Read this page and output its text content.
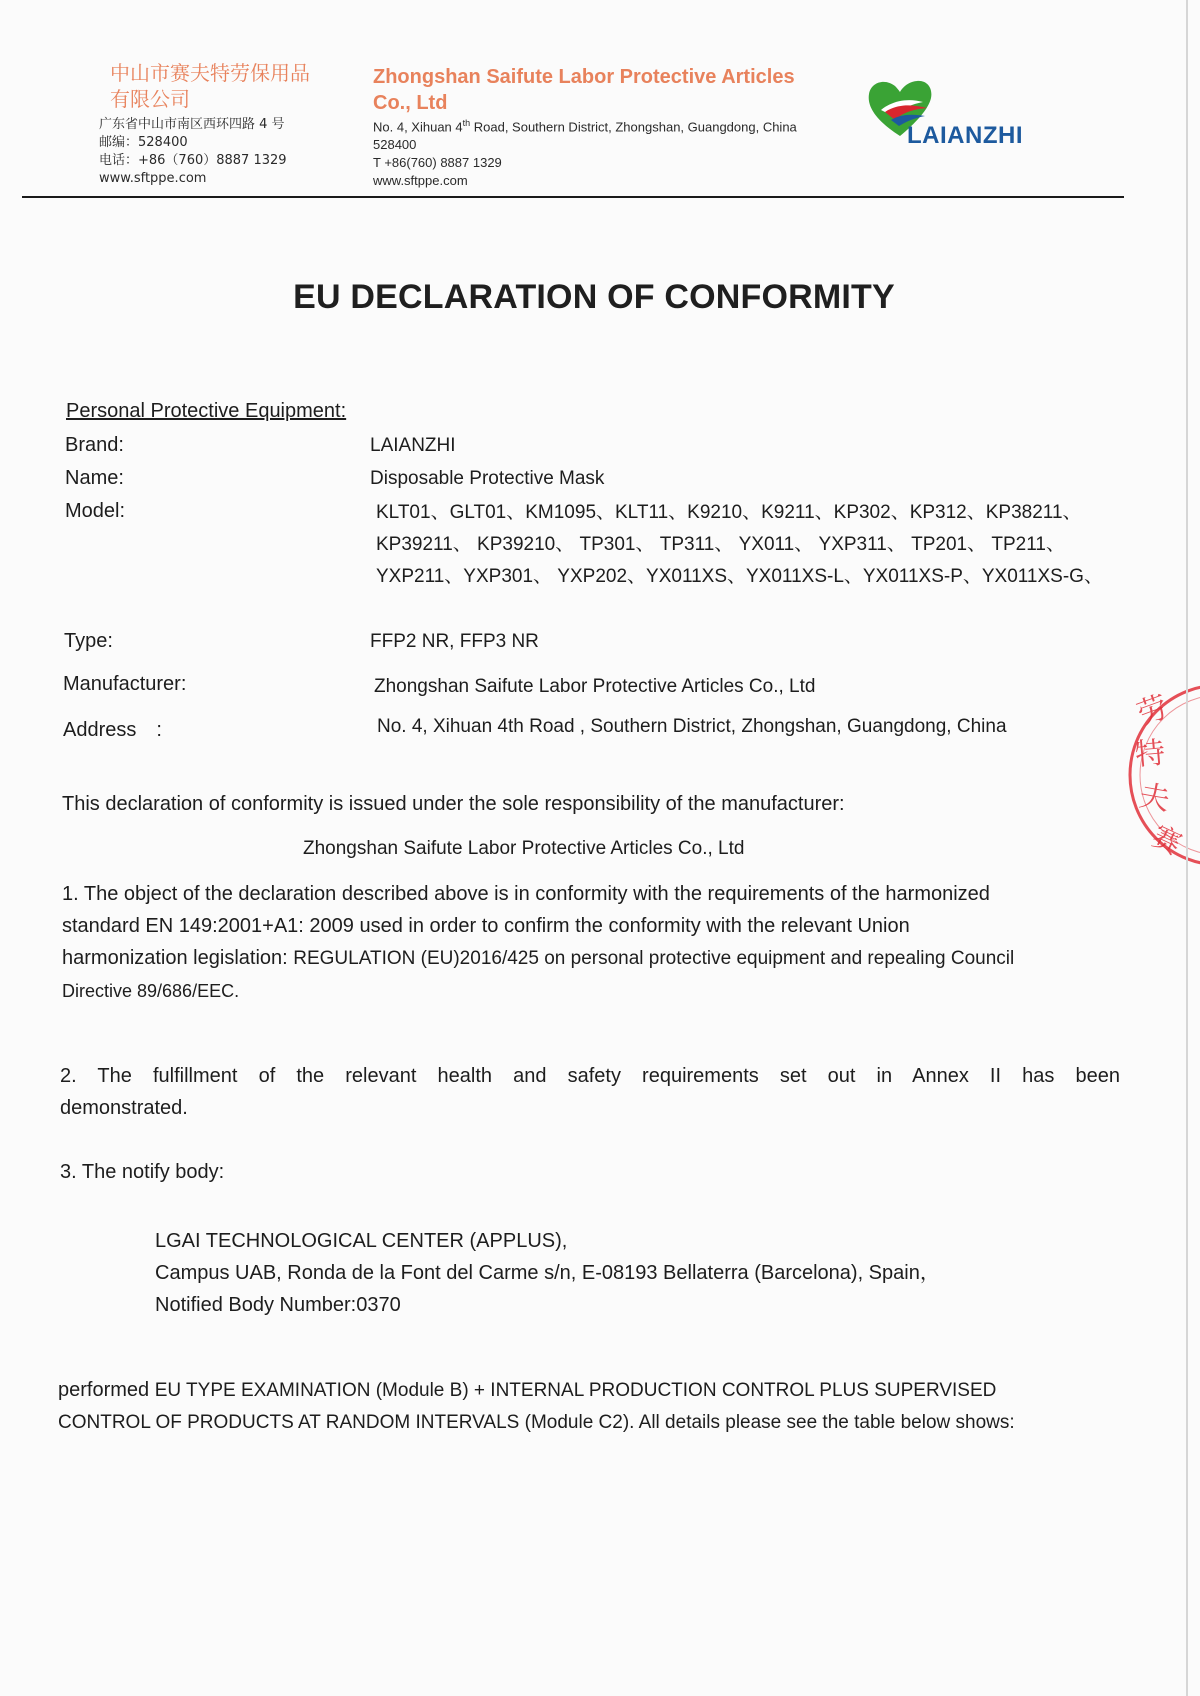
中山市赛夫特劳保用品
有限公司
广东省中山市南区西环四路 4 号
邮编：528400
电话：+86（760）8887 1329
www.sftppe.com
Zhongshan Saifute Labor Protective Articles
Co., Ltd
No. 4, Xihuan 4th Road, Southern District, Zhongshan, Guangdong, China
528400
T +86(760) 8887 1329
www.sftppe.com
LAIANZHI
EU DECLARATION OF CONFORMITY
Personal Protective Equipment:
Brand:	LAIANZHI
Name:	Disposable Protective Mask
Model:	KLT01、GLT01、KM1095、KLT11、K9210、K9211、KP302、KP312、KP38211、
KP39211、 KP39210、 TP301、 TP311、 YX011、 YXP311、 TP201、 TP211、
YXP211、YXP301、 YXP202、YX011XS、YX011XS-L、YX011XS-P、YX011XS-G、
Type:	FFP2 NR, FFP3 NR
Manufacturer:	Zhongshan Saifute Labor Protective Articles Co., Ltd
Address　:	No. 4, Xihuan 4th Road , Southern District, Zhongshan, Guangdong, China
This declaration of conformity is issued under the sole responsibility of the manufacturer:
Zhongshan Saifute Labor Protective Articles Co., Ltd
1. The object of the declaration described above is in conformity with the requirements of the harmonized
standard EN 149:2001+A1: 2009 used in order to confirm the conformity with the relevant Union
harmonization legislation: REGULATION (EU)2016/425 on personal protective equipment and repealing Council
Directive 89/686/EEC.
2. The fulfillment of the relevant health and safety requirements set out in Annex II has been
demonstrated.
3. The notify body:
LGAI TECHNOLOGICAL CENTER (APPLUS),
Campus UAB, Ronda de la Font del Carme s/n, E-08193 Bellaterra (Barcelona), Spain，
Notified Body Number:0370
performed EU TYPE EXAMINATION (Module B) + INTERNAL PRODUCTION CONTROL PLUS SUPERVISED
CONTROL OF PRODUCTS AT RANDOM INTERVALS (Module C2). All details please see the table below shows:
劳
特
夫
赛
